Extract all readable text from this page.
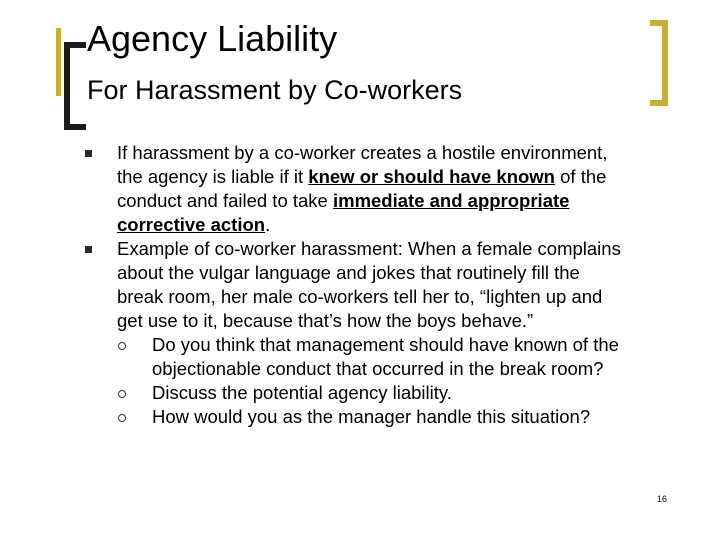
Agency Liability
For Harassment by Co-workers
If harassment by a co-worker creates a hostile environment,
the agency is liable if it knew or should have known of the
conduct and failed to take immediate and appropriate
corrective action.
Example of co-worker harassment: When a female complains
about the vulgar language and jokes that routinely fill the
break room, her male co-workers tell her to, “lighten up and
get use to it, because that’s how the boys behave.”
Do you think that management should have known of the
objectionable conduct that occurred in the break room?
Discuss the potential agency liability.
How would you as the manager handle this situation?
16
